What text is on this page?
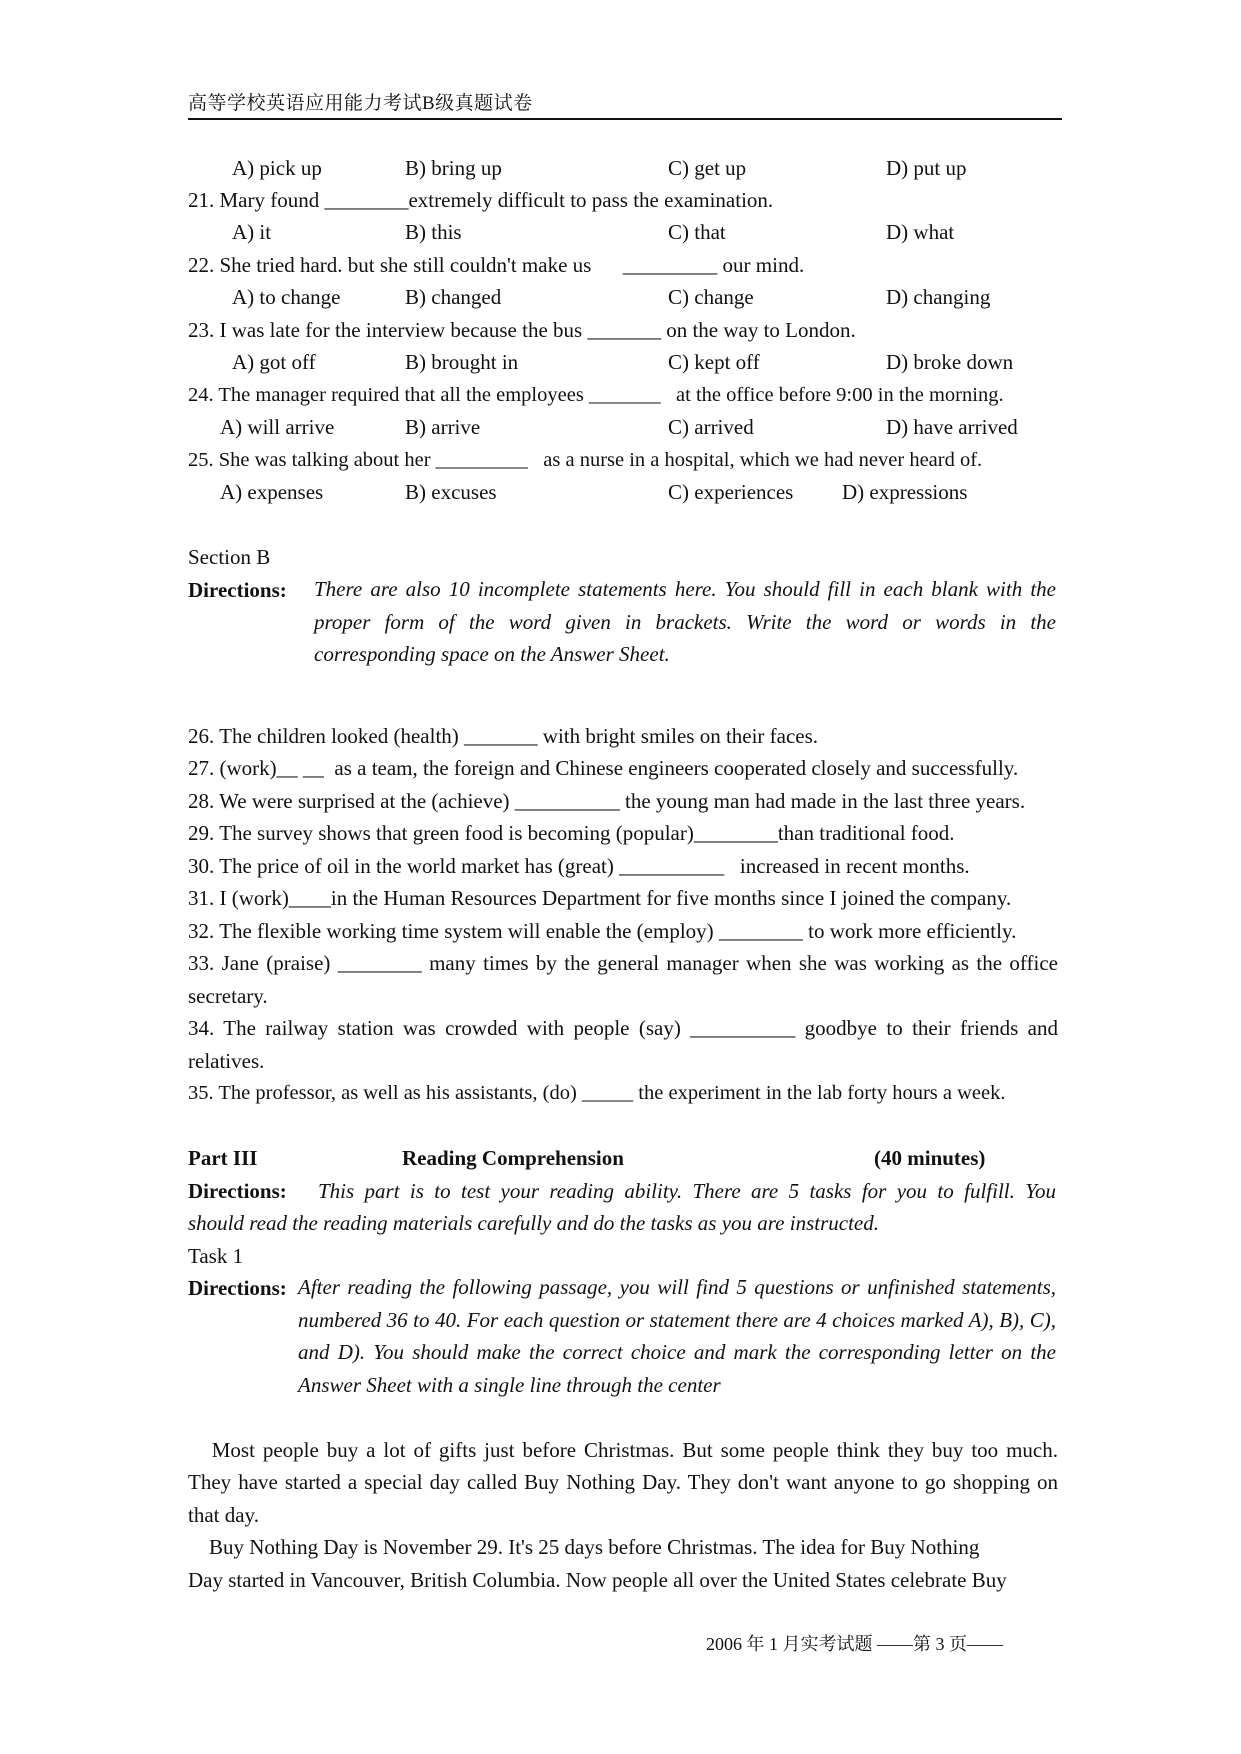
高等学校英语应用能力考试B级真题试卷
A) pick up	B) bring up	C) get up	D) put up
21. Mary found ________extremely difficult to pass the examination.
A) it	B) this	C) that	D) what
22. She tried hard. but she still couldn't make us      _________ our mind.
A) to change	B) changed	C) change	D) changing
23. I was late for the interview because the bus _______ on the way to London.
A) got off	B) brought in	C) kept off	D) broke down
24. The manager required that all the employees _______   at the office before 9:00 in the morning.
A) will arrive	B) arrive	C) arrived	D) have arrived
25. She was talking about her _________   as a nurse in a hospital, which we had never heard of.
A) expenses	B) excuses	C) experiences D) expressions
Section B
Directions: There are also 10 incomplete statements here. You should fill in each blank with the proper form of the word given in brackets. Write the word or words in the corresponding space on the Answer Sheet.
26. The children looked (health) _______ with bright smiles on their faces.
27. (work)__ __  as a team, the foreign and Chinese engineers cooperated closely and successfully.
28. We were surprised at the (achieve) __________ the young man had made in the last three years.
29. The survey shows that green food is becoming (popular)________than traditional food.
30. The price of oil in the world market has (great) __________   increased in recent months.
31. I (work)____in the Human Resources Department for five months since I joined the company.
32. The flexible working time system will enable the (employ) ________ to work more efficiently.
33. Jane (praise) ________ many times by the general manager when she was working as the office
secretary.
34. The railway station was crowded with people (say) __________ goodbye to their friends and
relatives.
35. The professor, as well as his assistants, (do) _____ the experiment in the lab forty hours a week.
Part III	Reading Comprehension	(40 minutes)
Directions: This part is to test your reading ability. There are 5 tasks for you to fulfill. You
should read the reading materials carefully and do the tasks as you are instructed.
Task 1
Directions: After reading the following passage, you will find 5 questions or unfinished statements, numbered 36 to 40. For each question or statement there are 4 choices marked A), B), C), and D). You should make the correct choice and mark the corresponding letter on the Answer Sheet with a single line through the center
Most people buy a lot of gifts just before Christmas. But some people think they buy too much.
They have started a special day called Buy Nothing Day. They don't want anyone to go shopping on
that day.
Buy Nothing Day is November 29. It's 25 days before Christmas. The idea for Buy Nothing
Day started in Vancouver, British Columbia. Now people all over the United States celebrate Buy
2006 年 1 月实考试题 ——第 3 页——
